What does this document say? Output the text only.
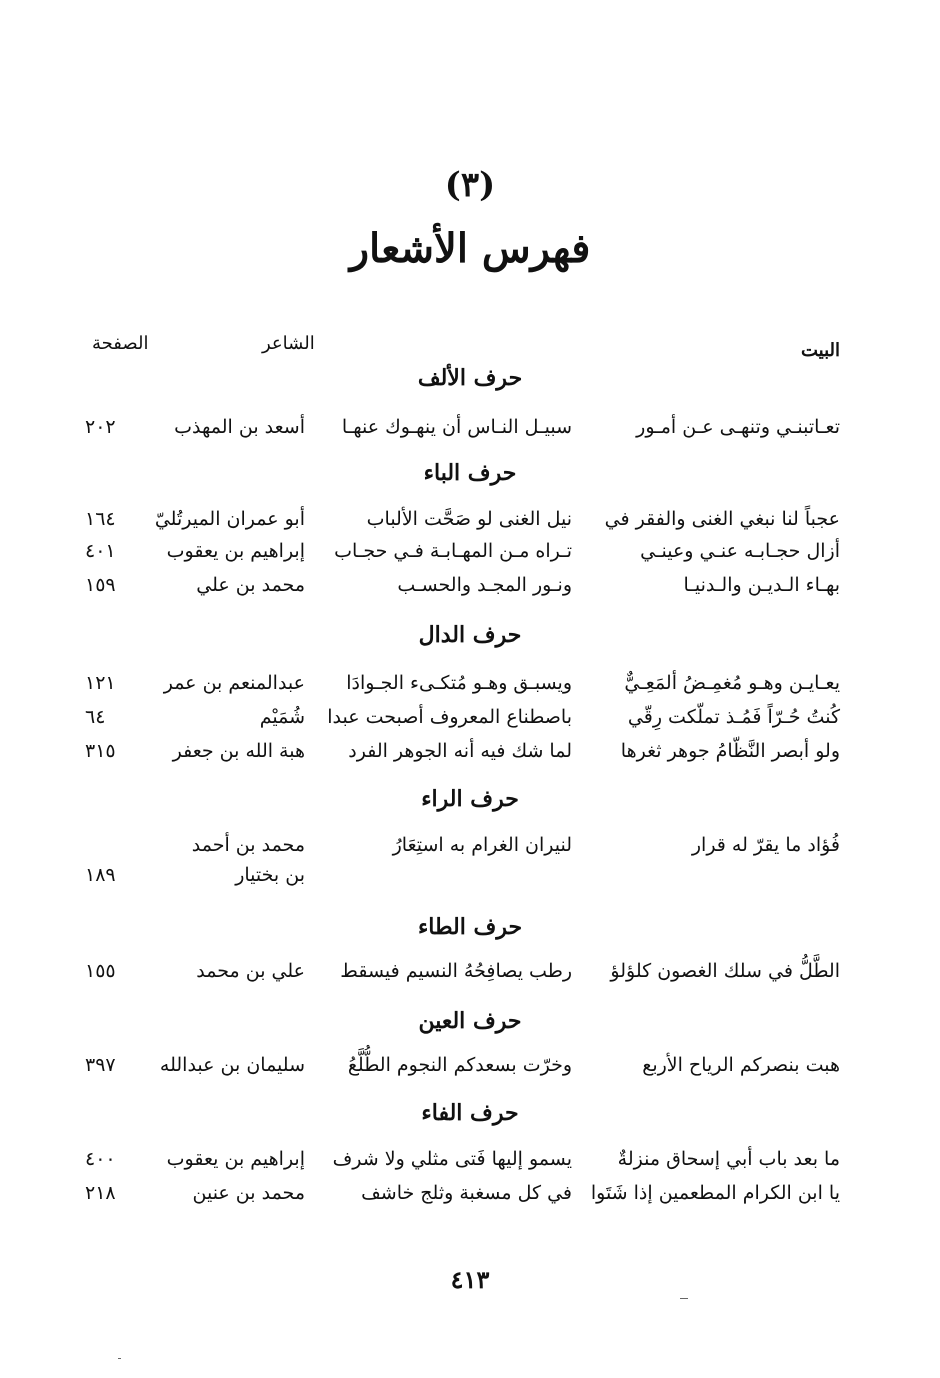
(٣)
فهرس الأشعار
البيت
الشاعر
الصفحة
حرف الألف
تعـاتبنـي وتنهـى عـن أمـور
سبيـل النـاس أن ينهـوك عنهـا
أسعد بن المهذب
٢٠٢
حرف الباء
عجباً لنا نبغي الغنى والفقر في
نيل الغنى لو صَحَّت الألباب
أبو عمران الميرتُليّ
١٦٤
أزال حجـابـه عنـي وعينـي
تـراه مـن المهـابـة فـي حجـاب
إبراهيم بن يعقوب
٤٠١
بهـاء الـديـن والـدنيـا
ونـور المجـد والحسـب
محمد بن علي
١٥٩
حرف الدال
يعـايـن وهـو مُغمِـضُ ألمَعِـيٌّ
ويسبـق وهـو مُتكـىء الجـوادَا
عبدالمنعم بن عمر
١٢١
كُنتُ حُـرّاً فَمُـذ تملّكت رِقّي
باصطناع المعروف أصبحت عبدا
شُمَيْم
٦٤
ولو أبصر النَّظّامُ جوهر ثغرها
لما شك فيه أنه الجوهر الفرد
هبة الله بن جعفر
٣١٥
حرف الراء
فُؤاد ما يقرّ له قرار
لنيران الغرام به استِعَارُ
محمد بن أحمد
بن بختيار
١٨٩
حرف الطاء
الطَّلُّ في سلك الغصون كلؤلؤ
رطب يصافِحُهُ النسيم فيسقط
علي بن محمد
١٥٥
حرف العين
هبت بنصركم الرياح الأربع
وخرّت بسعدكم النجوم الطُّلَّعُ
سليمان بن عبدالله
٣٩٧
حرف الفاء
ما بعد باب أبي إسحاق منزلةٌ
يسمو إليها فَتى مثلي ولا شرف
إبراهيم بن يعقوب
٤٠٠
يا ابن الكرام المطعمين إذا شَتَوا
في كل مسغبة وثلج خاشف
محمد بن عنين
٢١٨
٤١٣
